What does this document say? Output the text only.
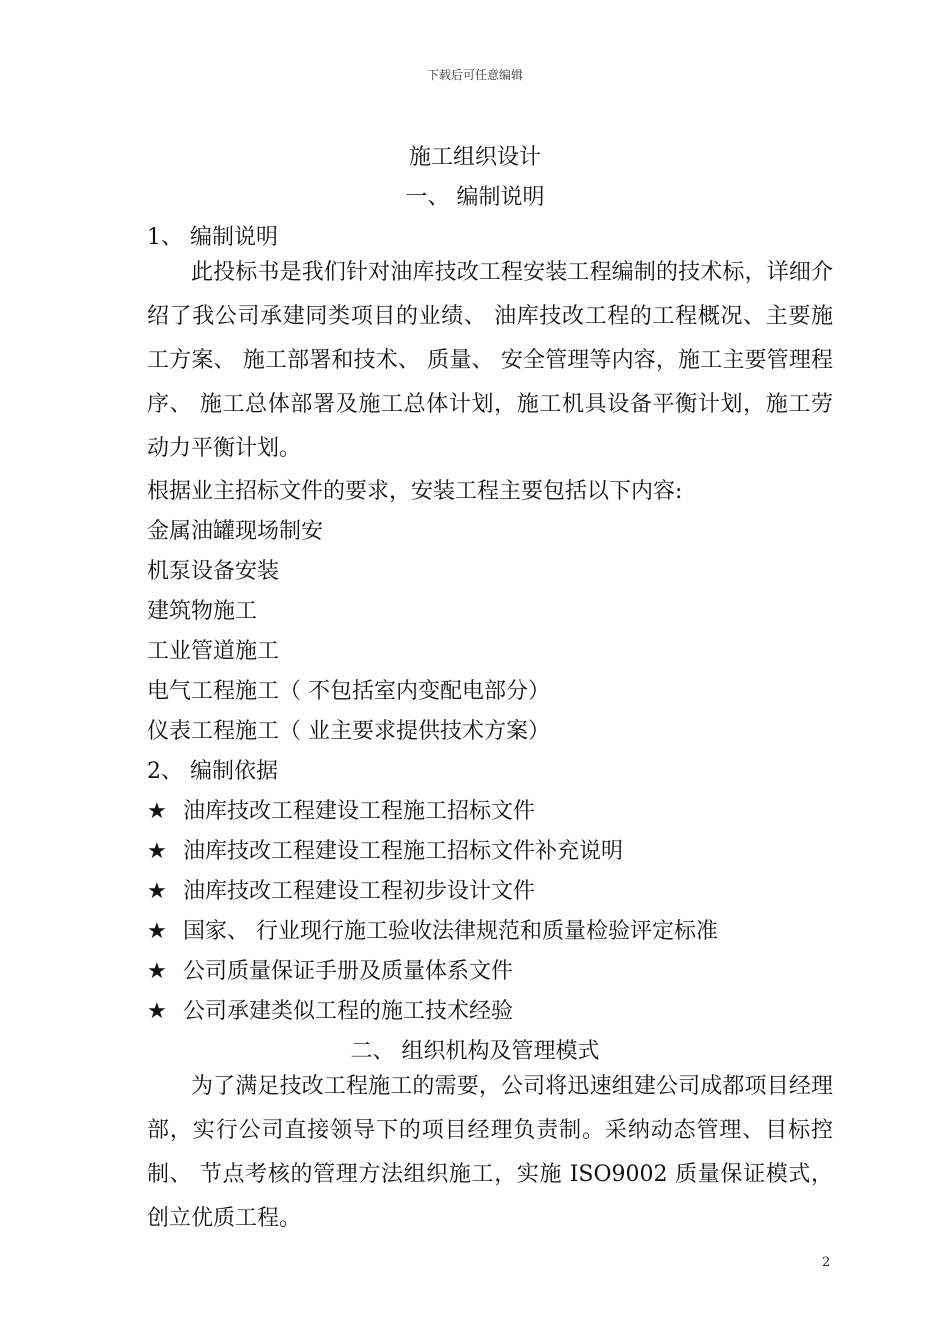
下载后可任意编辑
施工组织设计
一、 编制说明
1、 编制说明
此投标书是我们针对油库技改工程安装工程编制的技术标，详细介绍了我公司承建同类项目的业绩、 油库技改工程的工程概况、主要施工方案、 施工部署和技术、 质量、 安全管理等内容，施工主要管理程序、 施工总体部署及施工总体计划，施工机具设备平衡计划，施工劳动力平衡计划。
根据业主招标文件的要求，安装工程主要包括以下内容:
金属油罐现场制安
机泵设备安装
建筑物施工
工业管道施工
电气工程施工（ 不包括室内变配电部分）
仪表工程施工（ 业主要求提供技术方案）
2、 编制依据
★ 油库技改工程建设工程施工招标文件
★ 油库技改工程建设工程施工招标文件补充说明
★ 油库技改工程建设工程初步设计文件
★ 国家、 行业现行施工验收法律规范和质量检验评定标准
★ 公司质量保证手册及质量体系文件
★ 公司承建类似工程的施工技术经验
二、 组织机构及管理模式
为了满足技改工程施工的需要，公司将迅速组建公司成都项目经理部，实行公司直接领导下的项目经理负责制。采纳动态管理、目标控制、 节点考核的管理方法组织施工，实施 ISO9002 质量保证模式，创立优质工程。
2
